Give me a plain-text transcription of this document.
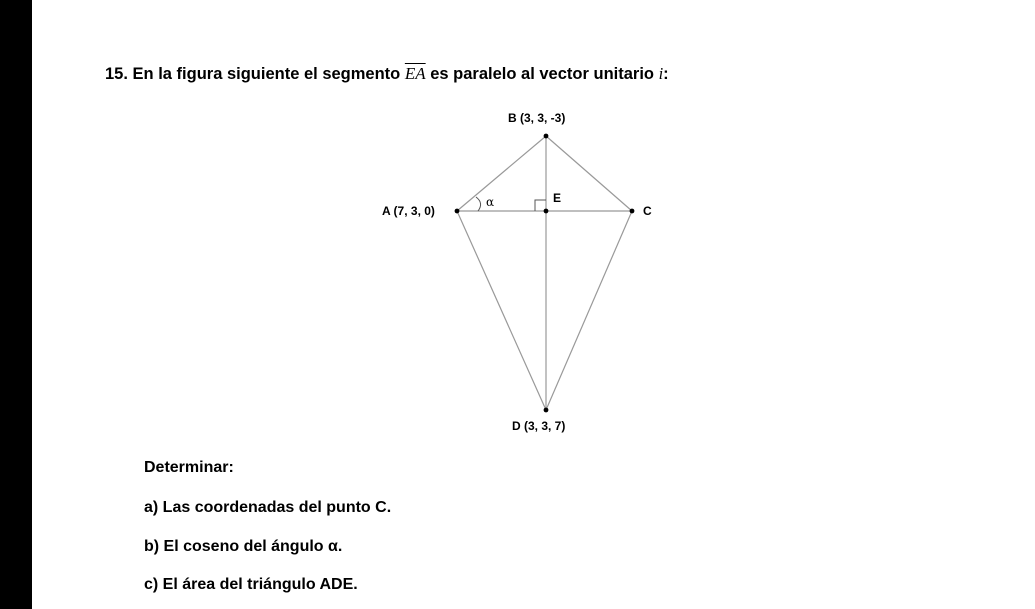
15. En la figura siguiente el segmento $\overline{EA}$ es paralelo al vector unitario i:
B (3, 3, -3)
A (7, 3, 0)
α	E
C
D (3, 3, 7)
Determinar:
a) Las coordenadas del punto C.
b) El coseno del ángulo α.
c) El área del triángulo ADE.
